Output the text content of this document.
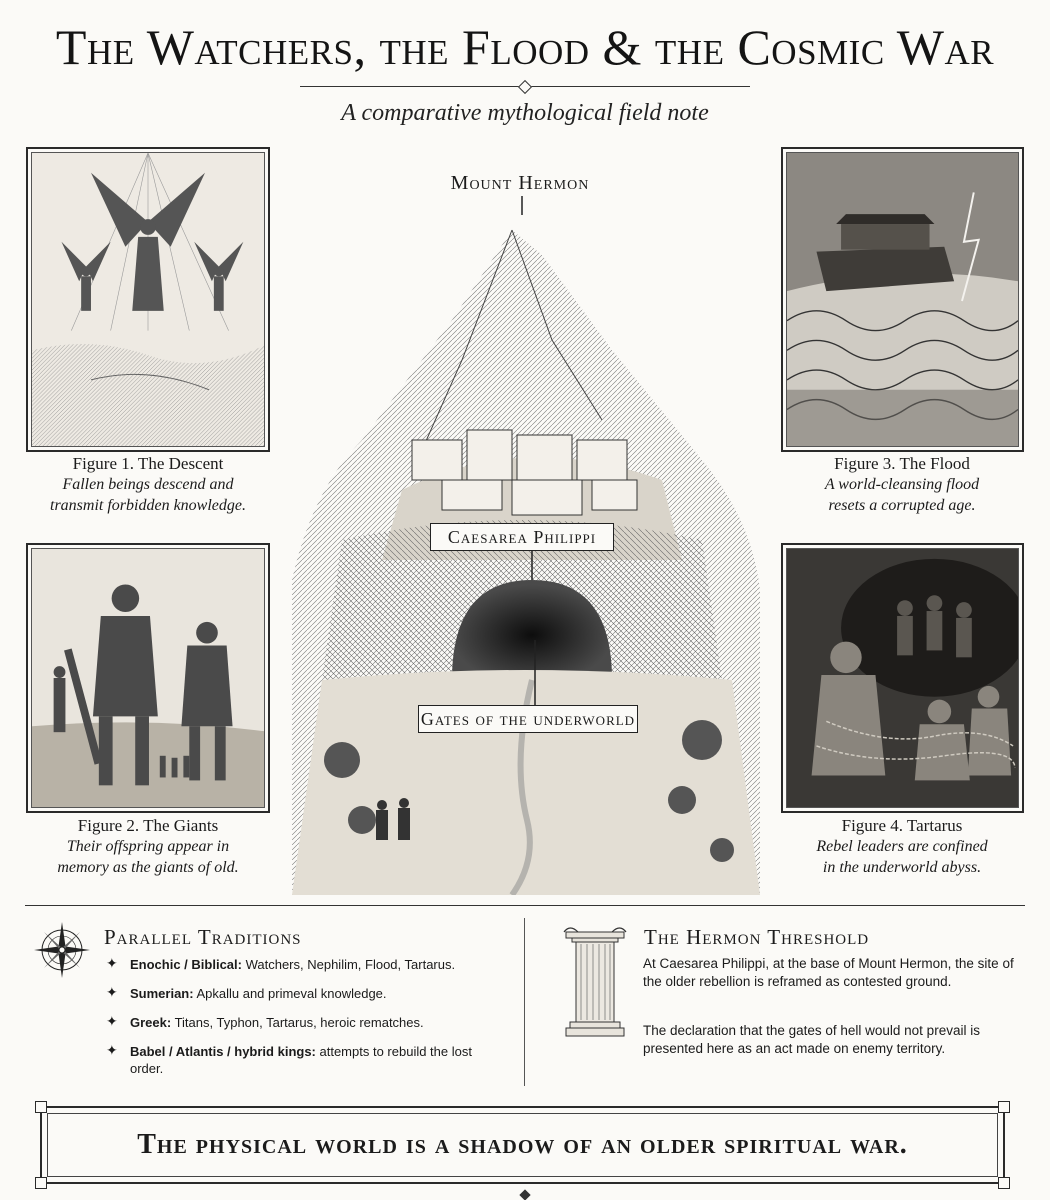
The Watchers, the Flood & the Cosmic War
A comparative mythological field note
Figure 1. The Descent
Fallen beings descend and
transmit forbidden knowledge.
Figure 2. The Giants
Their offspring appear in
memory as the giants of old.
Figure 3. The Flood
A world-cleansing flood
resets a corrupted age.
Figure 4. Tartarus
Rebel leaders are confined
in the underworld abyss.
Mount Hermon
Caesarea Philippi
Gates of the underworld
Parallel Traditions
✦ Enochic / Biblical: Watchers, Nephilim, Flood, Tartarus.
✦ Sumerian: Apkallu and primeval knowledge.
✦ Greek: Titans, Typhon, Tartarus, heroic rematches.
✦ Babel / Atlantis / hybrid kings: attempts to rebuild the lost order.
The Hermon Threshold

At Caesarea Philippi, at the base of Mount Hermon, the site of the older rebellion is reframed as contested ground.

The declaration that the gates of hell would not prevail is presented here as an act made on enemy territory.

The physical world is a shadow of an older spiritual war.
